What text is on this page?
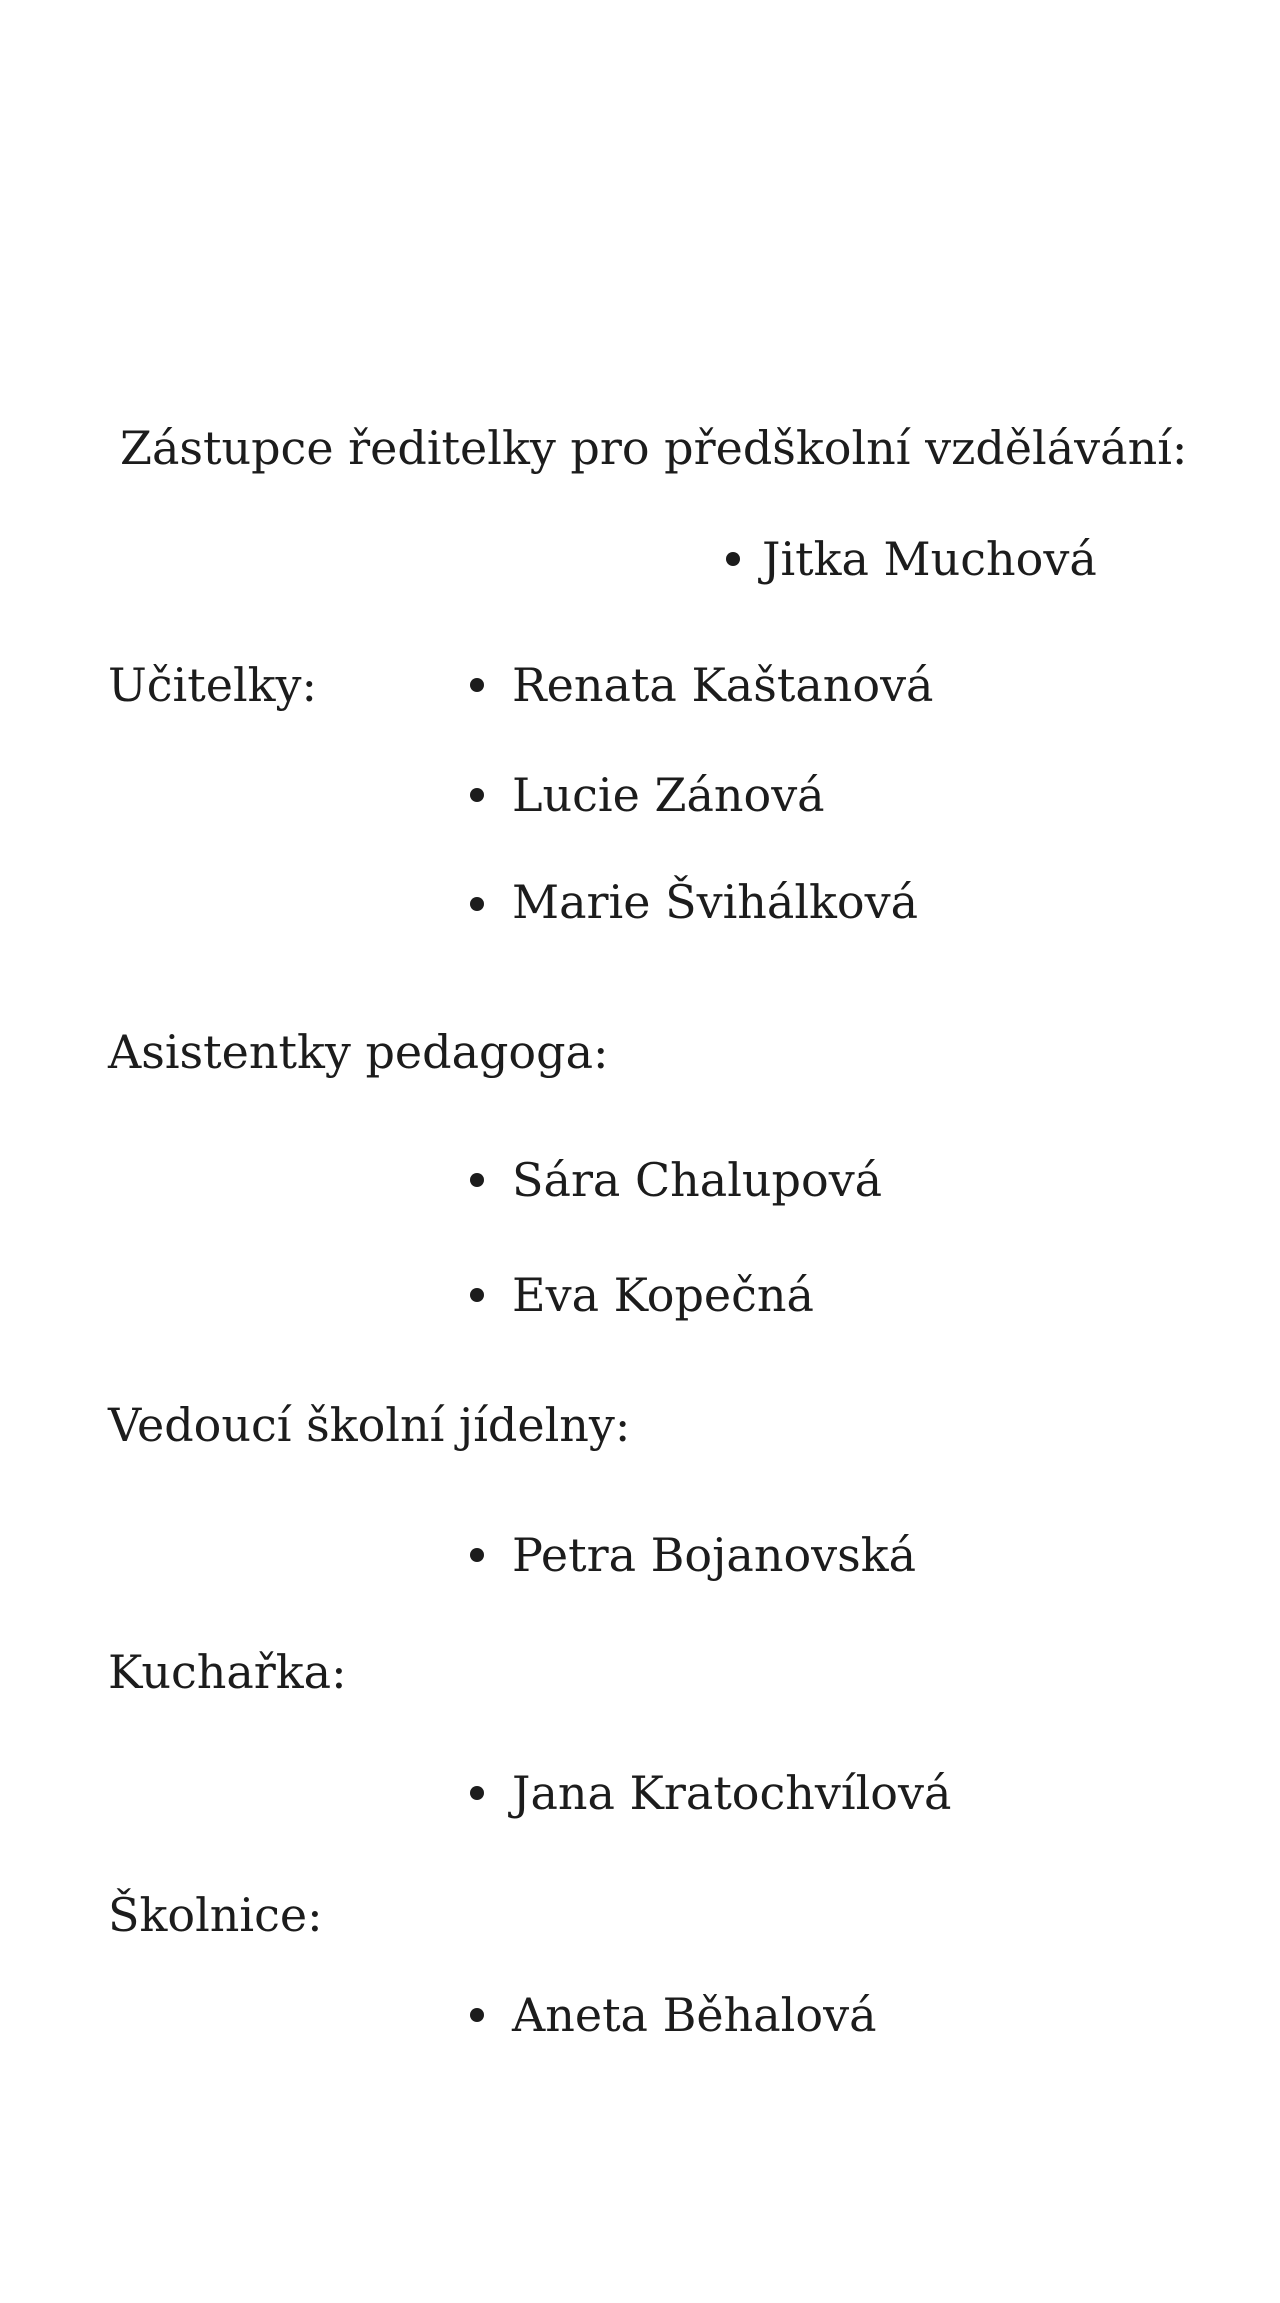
Zástupce ředitelky pro předškolní vzdělávání:
Jitka Muchová
Učitelky:	Renata Kaštanová
Lucie Zánová
Marie Švihálková
Asistentky pedagoga:
Sára Chalupová
Eva Kopečná
Vedoucí školní jídelny:
Petra Bojanovská
Kuchařka:
Jana Kratochvílová
Školnice:
Aneta Běhalová
